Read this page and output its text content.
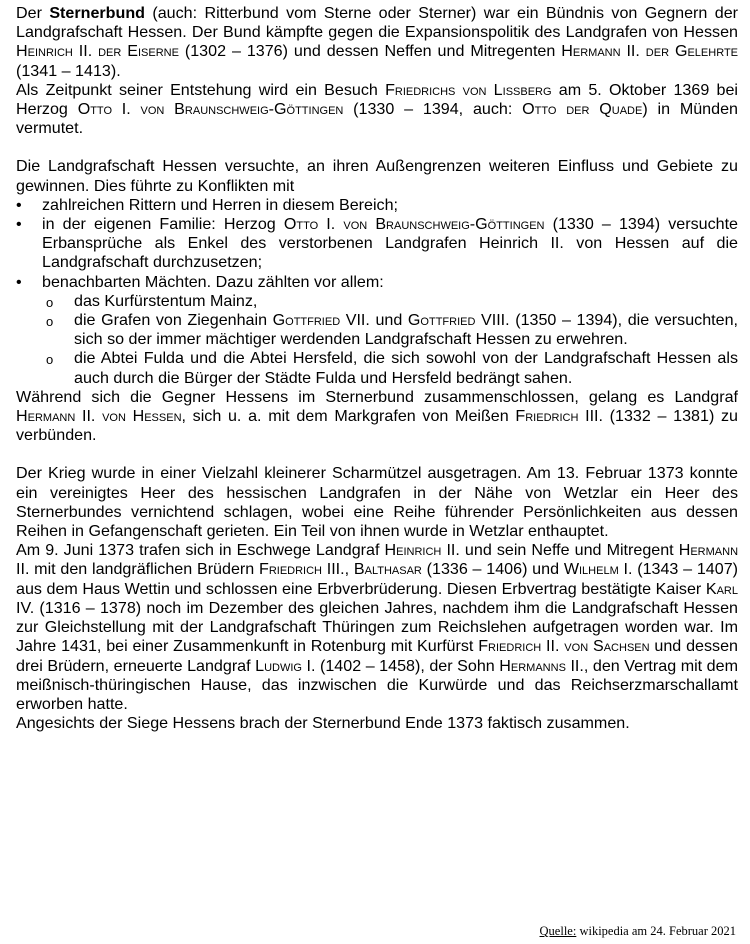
Der Sternerbund (auch: Ritterbund vom Sterne oder Sterner) war ein Bündnis von Gegnern der Landgrafschaft Hessen. Der Bund kämpfte gegen die Expansionspolitik des Landgrafen von Hessen Heinrich II. der Eiserne (1302 – 1376) und dessen Neffen und Mitregenten Hermann II. der Gelehrte (1341 – 1413).

Als Zeitpunkt seiner Entstehung wird ein Besuch Friedrichs von Lißberg am 5. Oktober 1369 bei Herzog Otto I. von Braunschweig-Göttingen (1330 – 1394, auch: Otto der Quade) in Münden vermutet.

Die Landgrafschaft Hessen versuchte, an ihren Außengrenzen weiteren Einfluss und Gebiete zu gewinnen. Dies führte zu Konflikten mit

• zahlreichen Rittern und Herren in diesem Bereich;
• in der eigenen Familie: Herzog Otto I. von Braunschweig-Göttingen (1330 – 1394) versuchte Erbansprüche als Enkel des verstorbenen Landgrafen Heinrich II. von Hessen auf die Landgrafschaft durchzusetzen;
• benachbarten Mächten. Dazu zählten vor allem:
o das Kurfürstentum Mainz,
o die Grafen von Ziegenhain Gottfried VII. und Gottfried VIII. (1350 – 1394), die versuchten, sich so der immer mächtiger werdenden Landgrafschaft Hessen zu erwehren.
o die Abtei Fulda und die Abtei Hersfeld, die sich sowohl von der Landgrafschaft Hessen als auch durch die Bürger der Städte Fulda und Hersfeld bedrängt sahen.

Während sich die Gegner Hessens im Sternerbund zusammenschlossen, gelang es Landgraf Hermann II. von Hessen, sich u. a. mit dem Markgrafen von Meißen Friedrich III. (1332 – 1381) zu verbünden.

Der Krieg wurde in einer Vielzahl kleinerer Scharmützel ausgetragen. Am 13. Februar 1373 konnte ein vereinigtes Heer des hessischen Landgrafen in der Nähe von Wetzlar ein Heer des Sternerbundes vernichtend schlagen, wobei eine Reihe führender Persönlichkeiten aus dessen Reihen in Gefangenschaft gerieten. Ein Teil von ihnen wurde in Wetzlar enthauptet.

Am 9. Juni 1373 trafen sich in Eschwege Landgraf Heinrich II. und sein Neffe und Mitregent Hermann II. mit den landgräflichen Brüdern Friedrich III., Balthasar (1336 – 1406) und Wilhelm I. (1343 – 1407) aus dem Haus Wettin und schlossen eine Erbverbrüderung. Diesen Erbvertrag bestätigte Kaiser Karl IV. (1316 – 1378) noch im Dezember des gleichen Jahres, nachdem ihm die Landgrafschaft Hessen zur Gleichstellung mit der Landgrafschaft Thüringen zum Reichslehen aufgetragen worden war. Im Jahre 1431, bei einer Zusammenkunft in Rotenburg mit Kurfürst Friedrich II. von Sachsen und dessen drei Brüdern, erneuerte Landgraf Ludwig I. (1402 – 1458), der Sohn Hermanns II., den Vertrag mit dem meißnisch-thüringischen Hause, das inzwischen die Kurwürde und das Reichserzmarschallamt erworben hatte.

Angesichts der Siege Hessens brach der Sternerbund Ende 1373 faktisch zusammen.

Quelle: wikipedia am 24. Februar 2021
